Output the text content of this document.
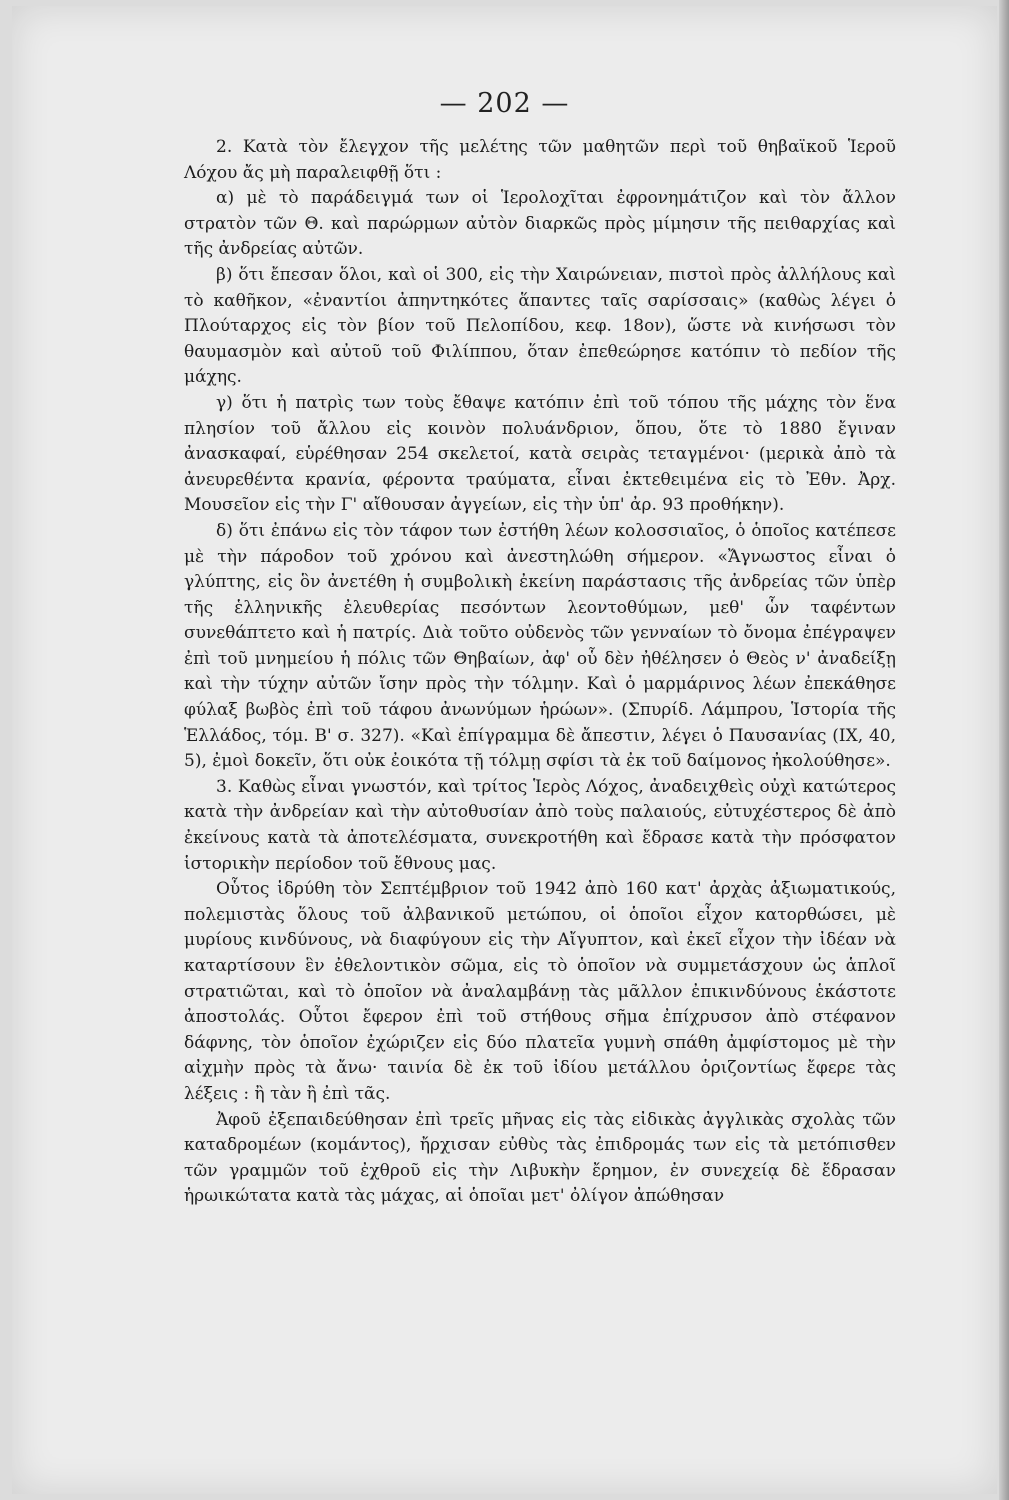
— 202 —

2. Κατὰ τὸν ἔλεγχον τῆς μελέτης τῶν μαθητῶν περὶ τοῦ θηβαϊκοῦ Ἱεροῦ Λόχου ἄς μὴ παραλειφθῇ ὅτι :

α) μὲ τὸ παράδειγμά των οἱ Ἱερολοχῖται ἐφρονημάτιζον καὶ τὸν ἄλλον στρατὸν τῶν Θ. καὶ παρώρμων αὐτὸν διαρκῶς πρὸς μίμησιν τῆς πειθαρχίας καὶ τῆς ἀνδρείας αὐτῶν.

β) ὅτι ἔπεσαν ὅλοι, καὶ οἱ 300, εἰς τὴν Χαιρώνειαν, πιστοὶ πρὸς ἀλλήλους καὶ τὸ καθῆκον, «ἐναντίοι ἀπηντηκότες ἅπαντες ταῖς σαρίσσαις» (καθὼς λέγει ὁ Πλούταρχος εἰς τὸν βίον τοῦ Πελοπίδου, κεφ. 18ον), ὥστε νὰ κινήσωσι τὸν θαυμασμὸν καὶ αὐτοῦ τοῦ Φιλίππου, ὅταν ἐπεθεώρησε κατόπιν τὸ πεδίον τῆς μάχης.

γ) ὅτι ἡ πατρὶς των τοὺς ἔθαψε κατόπιν ἐπὶ τοῦ τόπου τῆς μάχης τὸν ἕνα πλησίον τοῦ ἄλλου εἰς κοινὸν πολυάνδριον, ὅπου, ὅτε τὸ 1880 ἔγιναν ἀνασκαφαί, εὑρέθησαν 254 σκελετοί, κατὰ σειρὰς τεταγμένοι· (μερικὰ ἀπὸ τὰ ἀνευρεθέντα κρανία, φέροντα τραύματα, εἶναι ἐκτεθειμένα εἰς τὸ Ἐθν. Ἀρχ. Μουσεῖον εἰς τὴν Γ' αἴθουσαν ἀγγείων, εἰς τὴν ὑπ' ἀρ. 93 προθήκην).

δ) ὅτι ἐπάνω εἰς τὸν τάφον των ἐστήθη λέων κολοσσιαῖος, ὁ ὁποῖος κατέπεσε μὲ τὴν πάροδον τοῦ χρόνου καὶ ἀνεστηλώθη σήμερον. «Ἄγνωστος εἶναι ὁ γλύπτης, εἰς ὃν ἀνετέθη ἡ συμβολικὴ ἐκείνη παράστασις τῆς ἀνδρείας τῶν ὑπὲρ τῆς ἑλληνικῆς ἐλευθερίας πεσόντων λεοντοθύμων, μεθ' ὧν ταφέντων συνεθάπτετο καὶ ἡ πατρίς. Διὰ τοῦτο οὐδενὸς τῶν γενναίων τὸ ὄνομα ἐπέγραψεν ἐπὶ τοῦ μνημείου ἡ πόλις τῶν Θηβαίων, ἀφ' οὗ δὲν ἠθέλησεν ὁ Θεὸς ν' ἀναδείξῃ καὶ τὴν τύχην αὐτῶν ἴσην πρὸς τὴν τόλμην. Καὶ ὁ μαρμάρινος λέων ἐπεκάθησε φύλαξ βωβὸς ἐπὶ τοῦ τάφου ἀνωνύμων ἡρώων». (Σπυρίδ. Λάμπρου, Ἱστορία τῆς Ἑλλάδος, τόμ. Β' σ. 327). «Καὶ ἐπίγραμμα δὲ ἄπεστιν, λέγει ὁ Παυσανίας (IX, 40, 5), ἐμοὶ δοκεῖν, ὅτι οὐκ ἐοικότα τῇ τόλμῃ σφίσι τὰ ἐκ τοῦ δαίμονος ἠκολούθησε».

3. Καθὼς εἶναι γνωστόν, καὶ τρίτος Ἱερὸς Λόχος, ἀναδειχθεὶς οὐχὶ κατώτερος κατὰ τὴν ἀνδρείαν καὶ τὴν αὐτοθυσίαν ἀπὸ τοὺς παλαιούς, εὐτυχέστερος δὲ ἀπὸ ἐκείνους κατὰ τὰ ἀποτελέσματα, συνεκροτήθη καὶ ἔδρασε κατὰ τὴν πρόσφατον ἱστορικὴν περίοδον τοῦ ἔθνους μας.

Οὗτος ἱδρύθη τὸν Σεπτέμβριον τοῦ 1942 ἀπὸ 160 κατ' ἀρχὰς ἀξιωματικούς, πολεμιστὰς ὅλους τοῦ ἀλβανικοῦ μετώπου, οἱ ὁποῖοι εἶχον κατορθώσει, μὲ μυρίους κινδύνους, νὰ διαφύγουν εἰς τὴν Αἴγυπτον, καὶ ἐκεῖ εἶχον τὴν ἰδέαν νὰ καταρτίσουν ἓν ἐθελοντικὸν σῶμα, εἰς τὸ ὁποῖον νὰ συμμετάσχουν ὡς ἁπλοῖ στρατιῶται, καὶ τὸ ὁποῖον νὰ ἀναλαμβάνῃ τὰς μᾶλλον ἐπικινδύνους ἑκάστοτε ἀποστολάς. Οὗτοι ἔφερον ἐπὶ τοῦ στήθους σῆμα ἐπίχρυσον ἀπὸ στέφανον δάφνης, τὸν ὁποῖον ἐχώριζεν εἰς δύο πλατεῖα γυμνὴ σπάθη ἀμφίστομος μὲ τὴν αἰχμὴν πρὸς τὰ ἄνω· ταινία δὲ ἐκ τοῦ ἰδίου μετάλλου ὁριζοντίως ἔφερε τὰς λέξεις : ἢ τὰν ἢ ἐπὶ τᾶς.

Ἀφοῦ ἐξεπαιδεύθησαν ἐπὶ τρεῖς μῆνας εἰς τὰς εἰδικὰς ἀγγλικὰς σχολὰς τῶν καταδρομέων (κομάντος), ἤρχισαν εὐθὺς τὰς ἐπιδρομάς των εἰς τὰ μετόπισθεν τῶν γραμμῶν τοῦ ἐχθροῦ εἰς τὴν Λιβυκὴν ἔρημον, ἐν συνεχείᾳ δὲ ἔδρασαν ἡρωικώτατα κατὰ τὰς μάχας, αἱ ὁποῖαι μετ' ὀλίγον ἀπώθησαν
